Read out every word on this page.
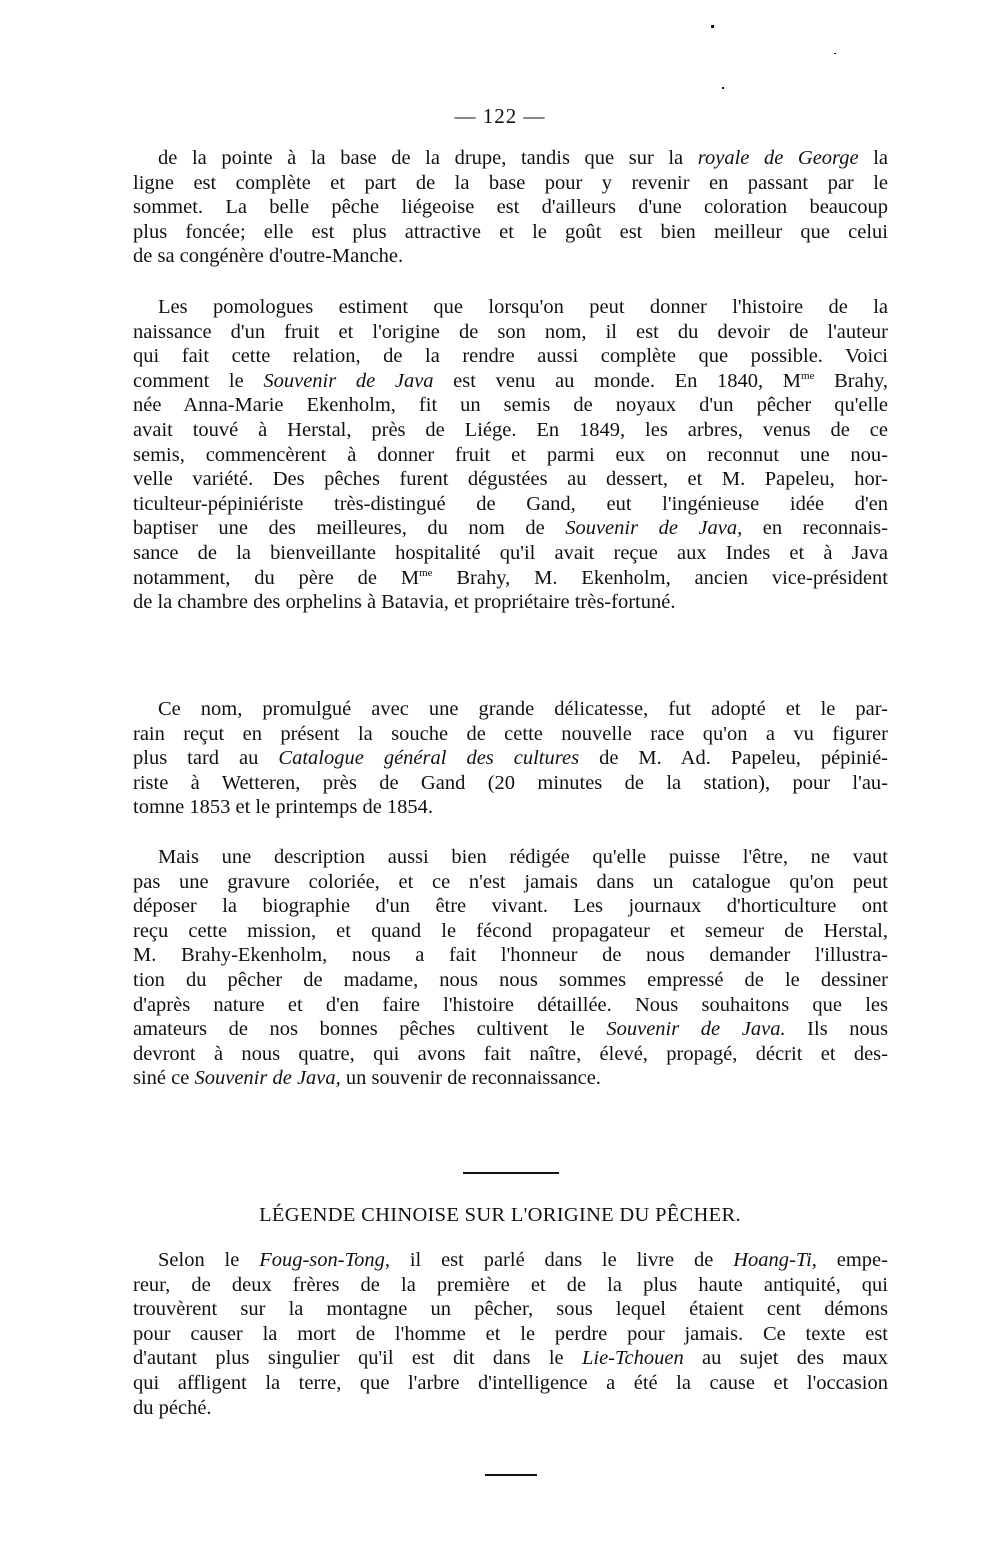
— 122 —
de la pointe à la base de la drupe, tandis que sur la royale de George la
ligne est complète et part de la base pour y revenir en passant par le
sommet. La belle pêche liégeoise est d'ailleurs d'une coloration beaucoup
plus foncée; elle est plus attractive et le goût est bien meilleur que celui
de sa congénère d'outre-Manche.
Les pomologues estiment que lorsqu'on peut donner l'histoire de la
naissance d'un fruit et l'origine de son nom, il est du devoir de l'auteur
qui fait cette relation, de la rendre aussi complète que possible. Voici
comment le Souvenir de Java est venu au monde. En 1840, $M^{me}$ Brahy,
née Anna-Marie Ekenholm, fit un semis de noyaux d'un pêcher qu'elle
avait touvé à Herstal, près de Liége. En 1849, les arbres, venus de ce
semis, commencèrent à donner fruit et parmi eux on reconnut une nou-
velle variété. Des pêches furent dégustées au dessert, et M. Papeleu, hor-
ticulteur-pépiniériste très-distingué de Gand, eut l'ingénieuse idée d'en
baptiser une des meilleures, du nom de Souvenir de Java, en reconnais-
sance de la bienveillante hospitalité qu'il avait reçue aux Indes et à Java
notamment, du père de $M^{me}$ Brahy, M. Ekenholm, ancien vice-président
de la chambre des orphelins à Batavia, et propriétaire très-fortuné.
Ce nom, promulgué avec une grande délicatesse, fut adopté et le par-
rain reçut en présent la souche de cette nouvelle race qu'on a vu figurer
plus tard au Catalogue général des cultures de M. Ad. Papeleu, pépinié-
riste à Wetteren, près de Gand (20 minutes de la station), pour l'au-
tomne 1853 et le printemps de 1854.
Mais une description aussi bien rédigée qu'elle puisse l'être, ne vaut
pas une gravure coloriée, et ce n'est jamais dans un catalogue qu'on peut
déposer la biographie d'un être vivant. Les journaux d'horticulture ont
reçu cette mission, et quand le fécond propagateur et semeur de Herstal,
M. Brahy-Ekenholm, nous a fait l'honneur de nous demander l'illustra-
tion du pêcher de madame, nous nous sommes empressé de le dessiner
d'après nature et d'en faire l'histoire détaillée. Nous souhaitons que les
amateurs de nos bonnes pêches cultivent le Souvenir de Java. Ils nous
devront à nous quatre, qui avons fait naître, élevé, propagé, décrit et des-
siné ce Souvenir de Java, un souvenir de reconnaissance.
LÉGENDE CHINOISE SUR L'ORIGINE DU PÊCHER.
Selon le Foug-son-Tong, il est parlé dans le livre de Hoang-Ti, empe-
reur, de deux frères de la première et de la plus haute antiquité, qui
trouvèrent sur la montagne un pêcher, sous lequel étaient cent démons
pour causer la mort de l'homme et le perdre pour jamais. Ce texte est
d'autant plus singulier qu'il est dit dans le Lie-Tchouen au sujet des maux
qui affligent la terre, que l'arbre d'intelligence a été la cause et l'occasion
du péché.
